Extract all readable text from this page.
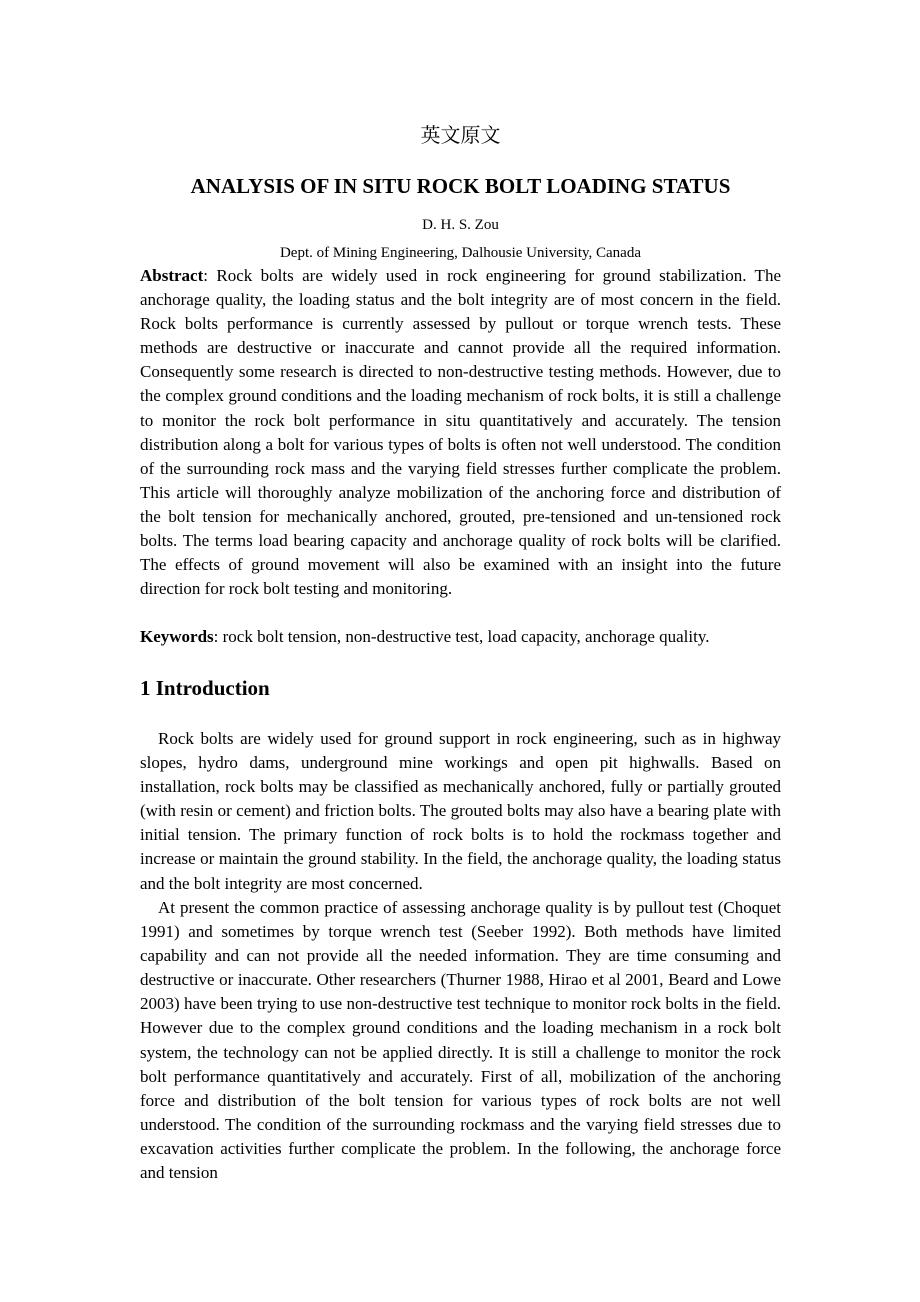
英文原文
ANALYSIS OF IN SITU ROCK BOLT LOADING STATUS
D. H. S. Zou
Dept. of Mining Engineering, Dalhousie University, Canada

Abstract: Rock bolts are widely used in rock engineering for ground stabilization. The anchorage quality, the loading status and the bolt integrity are of most concern in the field. Rock bolts performance is currently assessed by pullout or torque wrench tests. These methods are destructive or inaccurate and cannot provide all the required information. Consequently some research is directed to non-destructive testing methods. However, due to the complex ground conditions and the loading mechanism of rock bolts, it is still a challenge to monitor the rock bolt performance in situ quantitatively and accurately. The tension distribution along a bolt for various types of bolts is often not well understood. The condition of the surrounding rock mass and the varying field stresses further complicate the problem. This article will thoroughly analyze mobilization of the anchoring force and distribution of the bolt tension for mechanically anchored, grouted, pre-tensioned and un-tensioned rock bolts. The terms load bearing capacity and anchorage quality of rock bolts will be clarified. The effects of ground movement will also be examined with an insight into the future direction for rock bolt testing and monitoring.

Keywords: rock bolt tension, non-destructive test, load capacity, anchorage quality.

1 Introduction

Rock bolts are widely used for ground support in rock engineering, such as in highway slopes, hydro dams, underground mine workings and open pit highwalls. Based on installation, rock bolts may be classified as mechanically anchored, fully or partially grouted (with resin or cement) and friction bolts. The grouted bolts may also have a bearing plate with initial tension. The primary function of rock bolts is to hold the rockmass together and increase or maintain the ground stability. In the field, the anchorage quality, the loading status and the bolt integrity are most concerned.

At present the common practice of assessing anchorage quality is by pullout test (Choquet 1991) and sometimes by torque wrench test (Seeber 1992). Both methods have limited capability and can not provide all the needed information. They are time consuming and destructive or inaccurate. Other researchers (Thurner 1988, Hirao et al 2001, Beard and Lowe 2003) have been trying to use non-destructive test technique to monitor rock bolts in the field. However due to the complex ground conditions and the loading mechanism in a rock bolt system, the technology can not be applied directly. It is still a challenge to monitor the rock bolt performance quantitatively and accurately. First of all, mobilization of the anchoring force and distribution of the bolt tension for various types of rock bolts are not well understood. The condition of the surrounding rockmass and the varying field stresses due to excavation activities further complicate the problem. In the following, the anchorage force and tension
